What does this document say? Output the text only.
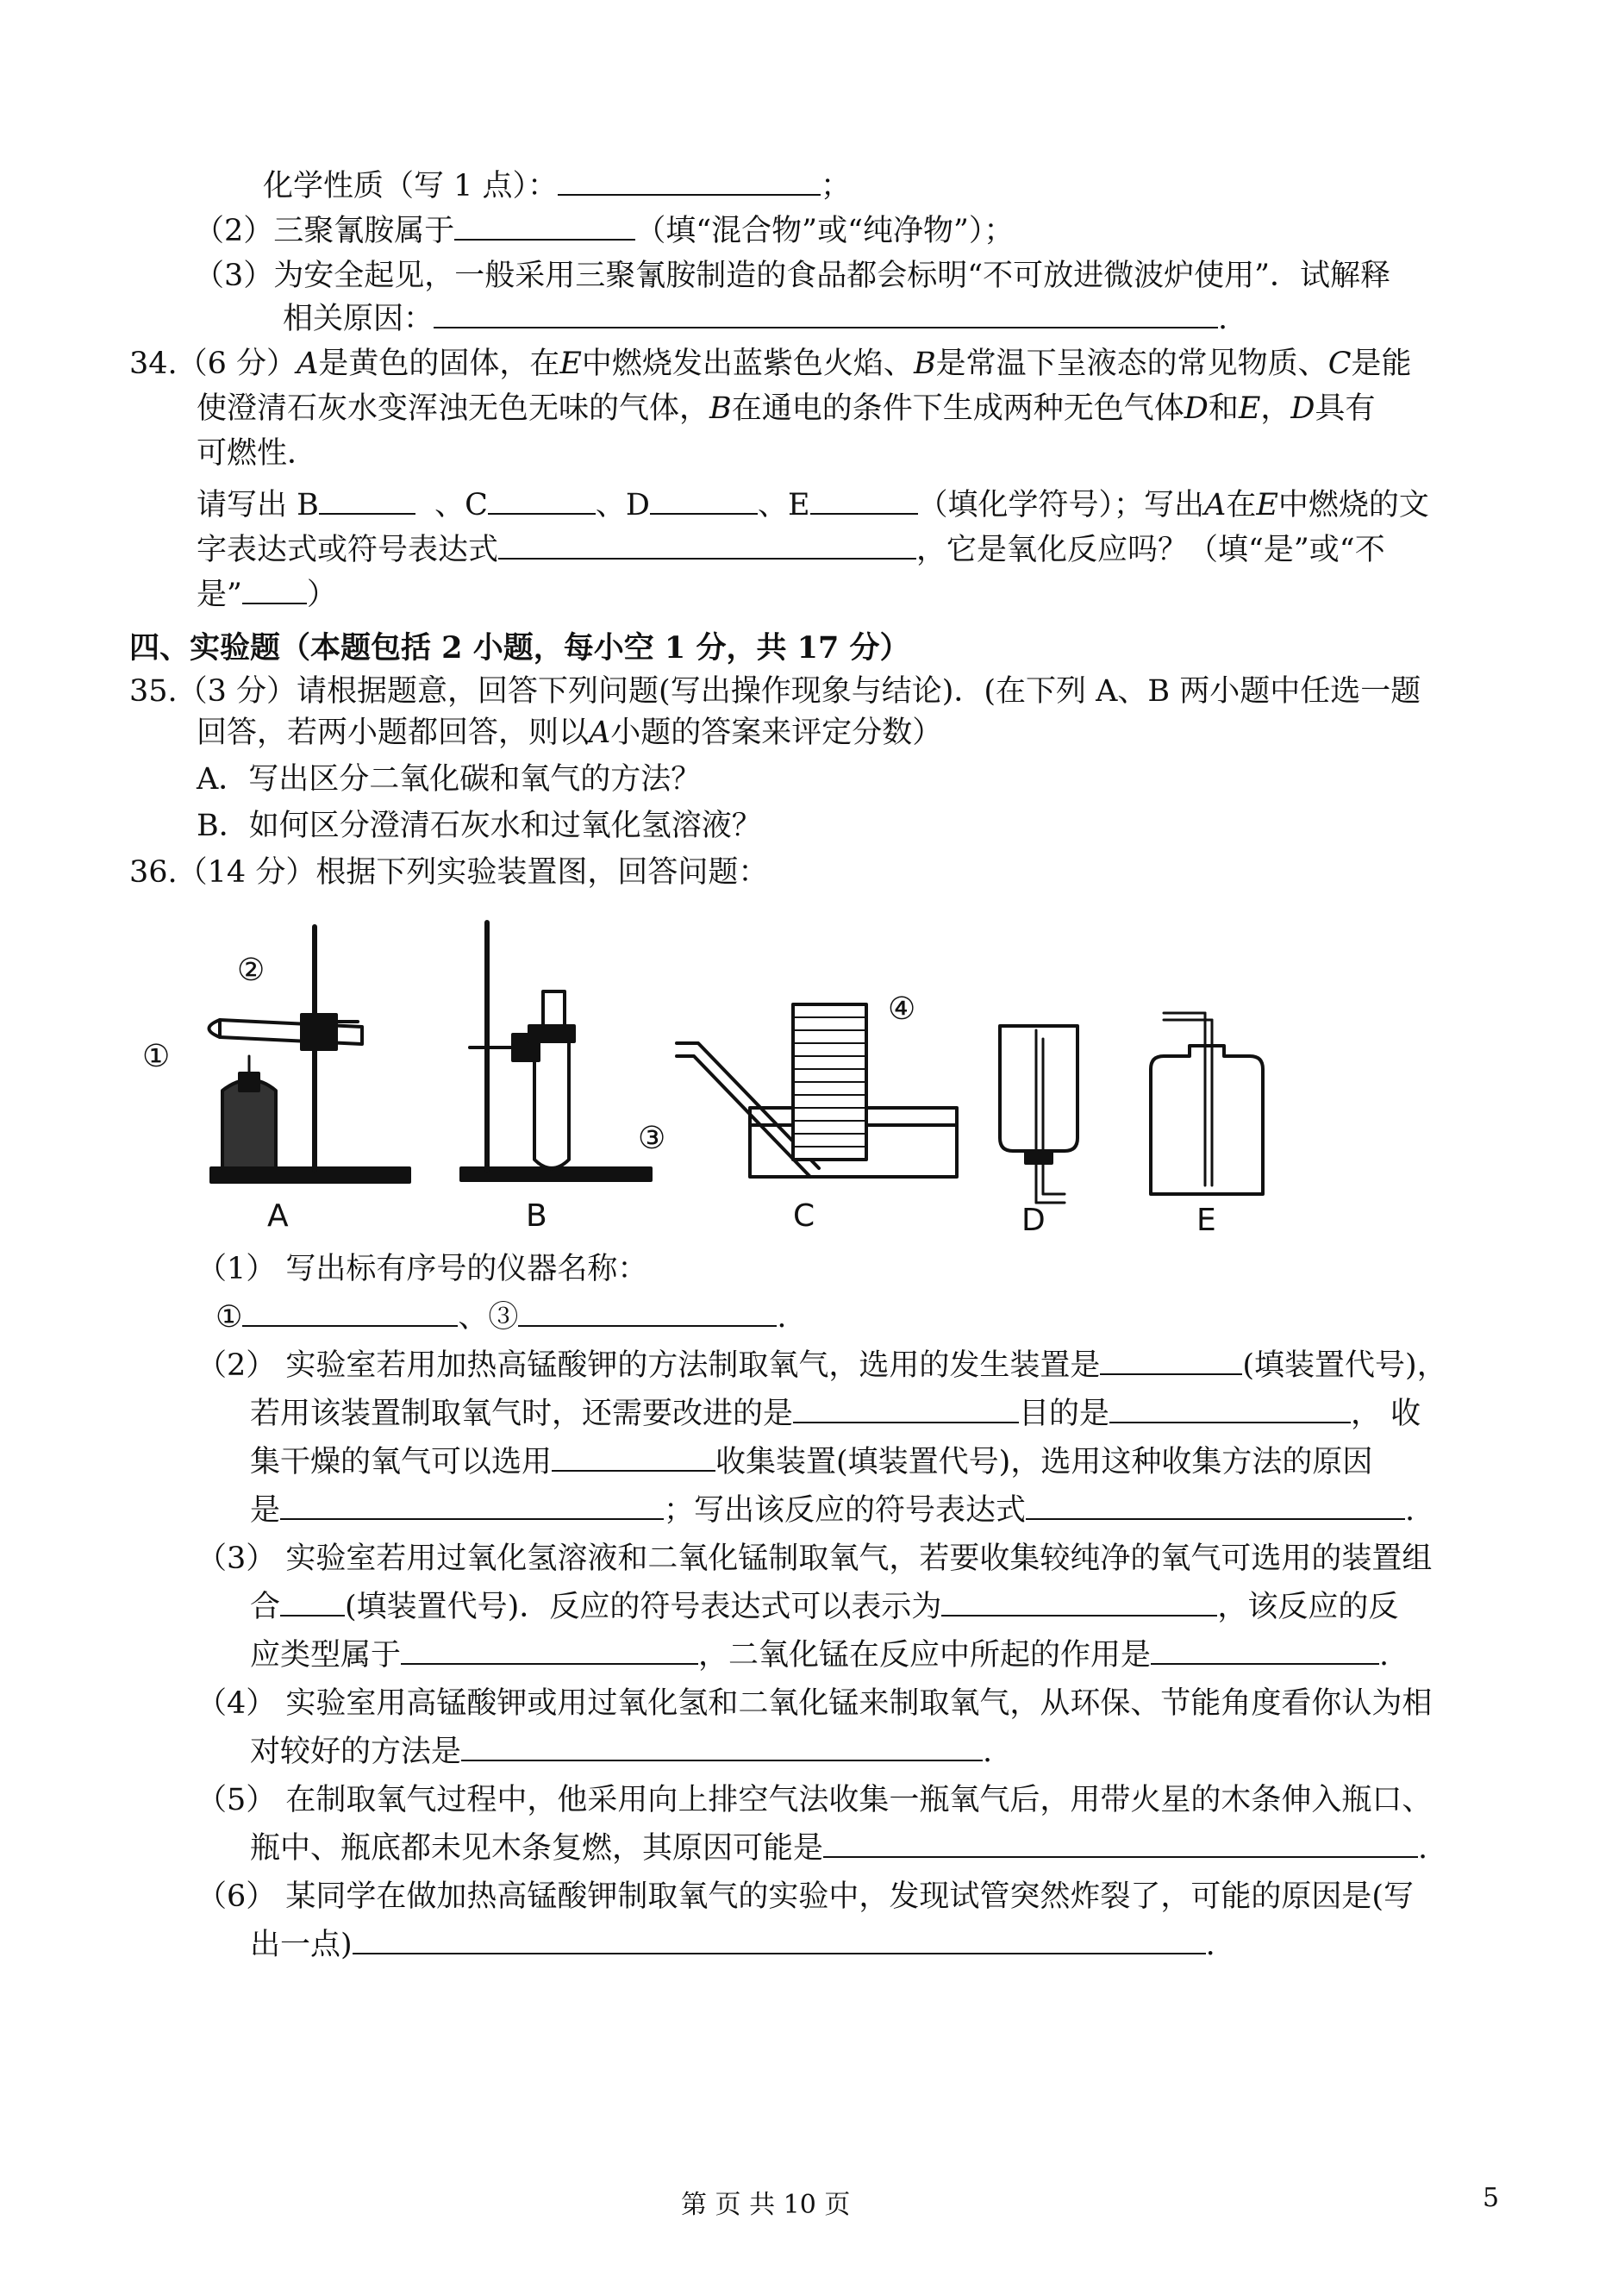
化学性质（写 1 点）：	；
（2）三聚氰胺属于	（填“混合物”或“纯净物”）；
（3）为安全起见，一般采用三聚氰胺制造的食品都会标明“不可放进微波炉使用”．试解释
相关原因：	.
34.（6 分）A是黄色的固体，在E中燃烧发出蓝紫色火焰、B是常温下呈液态的常见物质、C是能
使澄清石灰水变浑浊无色无味的气体，B在通电的条件下生成两种无色气体D和E，D具有
可燃性．
请写出 B	、C	、D	、E	（填化学符号）；写出A在E中燃烧的文
字表达式或符号表达式	，它是氧化反应吗？（填“是”或“不
是” ）
四、实验题（本题包括 2 小题，每小空 1 分，共 17 分）
35.（3 分）请根据题意，回答下列问题(写出操作现象与结论)．(在下列 A、B 两小题中任选一题
回答，若两小题都回答，则以A小题的答案来评定分数）
A．写出区分二氧化碳和氧气的方法？
B．如何区分澄清石灰水和过氧化氢溶液？
36.（14 分）根据下列实验装置图，回答问题：
①
②
③
④
A	B	C	D	E
（1） 写出标有序号的仪器名称：
①	、③	.
（2） 实验室若用加热高锰酸钾的方法制取氧气，选用的发生装置是	(填装置代号)，
若用该装置制取氧气时，还需要改进的是	目的是	， 收
集干燥的氧气可以选用	收集装置(填装置代号)，选用这种收集方法的原因
是	；写出该反应的符号表达式	.
（3） 实验室若用过氧化氢溶液和二氧化锰制取氧气，若要收集较纯净的氧气可选用的装置组
合 (填装置代号)．反应的符号表达式可以表示为	，该反应的反
应类型属于	，二氧化锰在反应中所起的作用是	.
（4） 实验室用高锰酸钾或用过氧化氢和二氧化锰来制取氧气，从环保、节能角度看你认为相
对较好的方法是	.
（5） 在制取氧气过程中，他采用向上排空气法收集一瓶氧气后，用带火星的木条伸入瓶口、
瓶中、瓶底都未见木条复燃，其原因可能是	.
（6） 某同学在做加热高锰酸钾制取氧气的实验中，发现试管突然炸裂了，可能的原因是(写
出一点)	.
第 页 共 10 页	5
